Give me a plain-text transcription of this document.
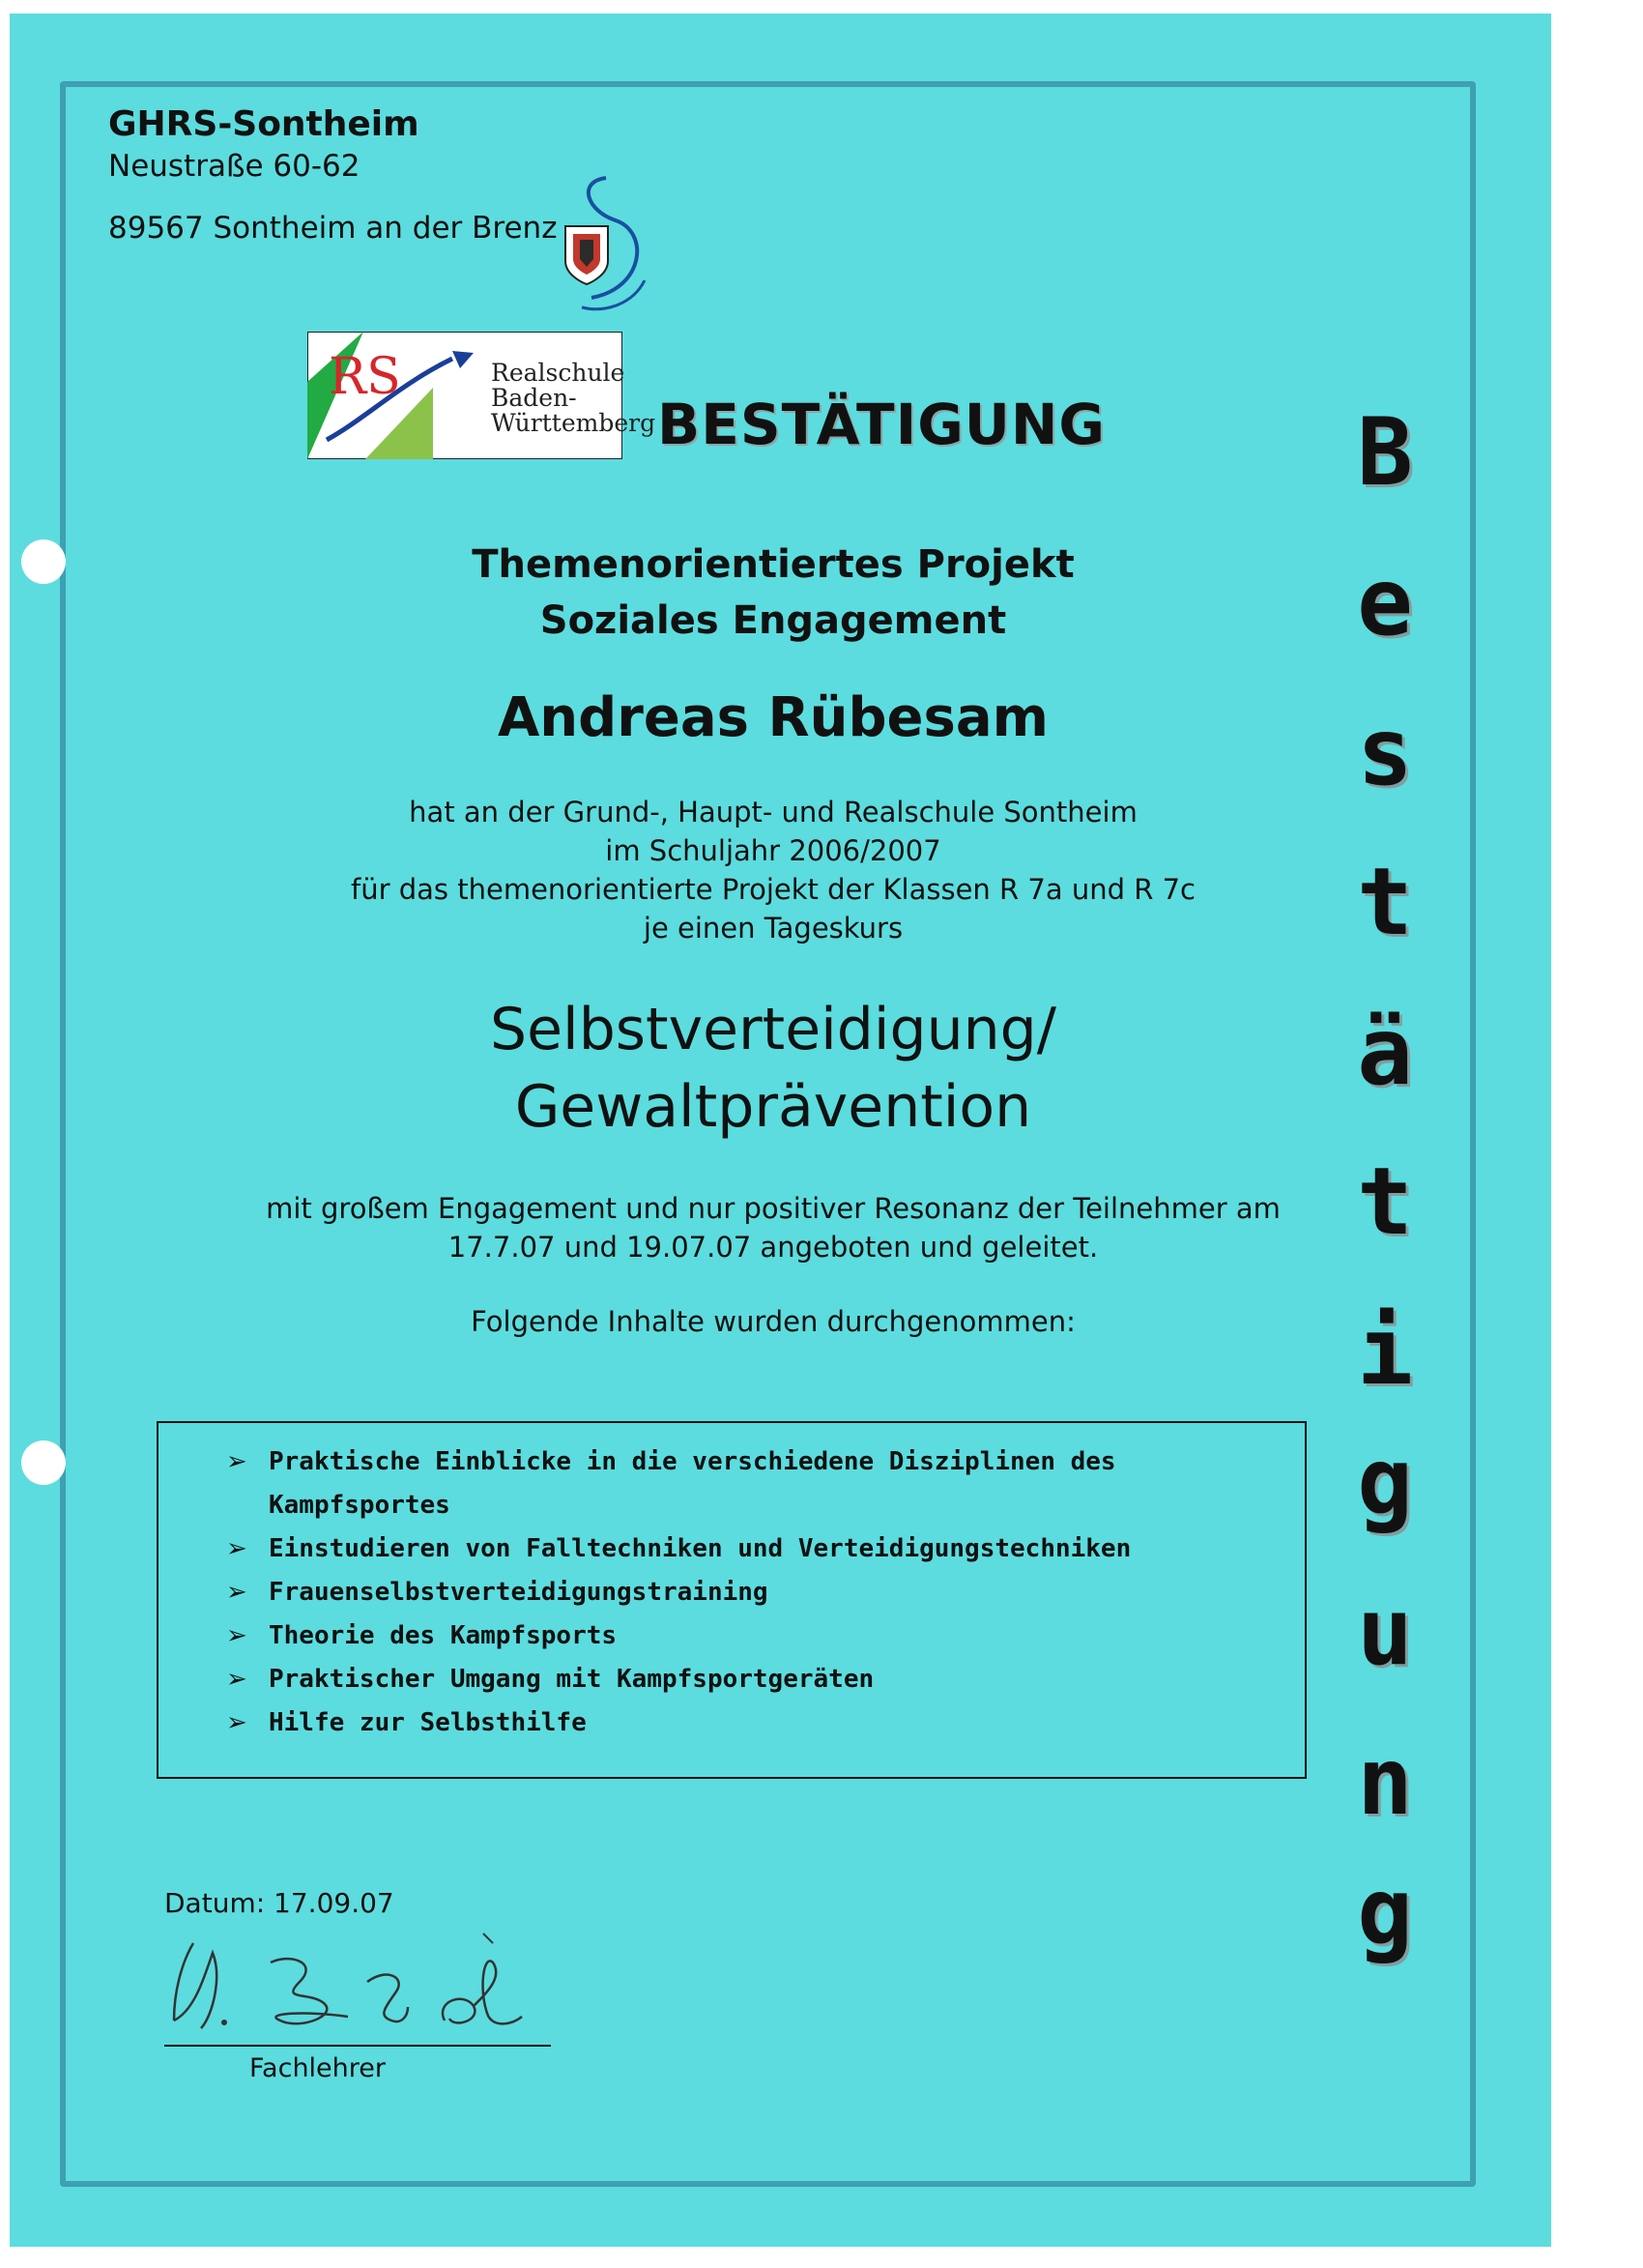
GHRS-Sontheim
Neustraße 60-62
89567 Sontheim an der Brenz
RS	Realschule
Baden-
Württemberg BESTÄTIGUNG
Themenorientiertes Projekt
Soziales Engagement
Andreas Rübesam
hat an der Grund-, Haupt- und Realschule Sontheim
im Schuljahr 2006/2007
für das themenorientierte Projekt der Klassen R 7a und R 7c
je einen Tageskurs
Selbstverteidigung/
Gewaltprävention
mit großem Engagement und nur positiver Resonanz der Teilnehmer am
17.7.07 und 19.07.07 angeboten und geleitet.
Folgende Inhalte wurden durchgenommen:
➢ Praktische Einblicke in die verschiedene Disziplinen des Kampfsportes
➢ Einstudieren von Falltechniken und Verteidigungstechniken
➢ Frauenselbstverteidigungstraining
➢ Theorie des Kampfsports
➢ Praktischer Umgang mit Kampfsportgeräten
➢ Hilfe zur Selbsthilfe
Datum: 17.09.07
Fachlehrer
B
e
s
t
ä
t
i
g
u
n
g
